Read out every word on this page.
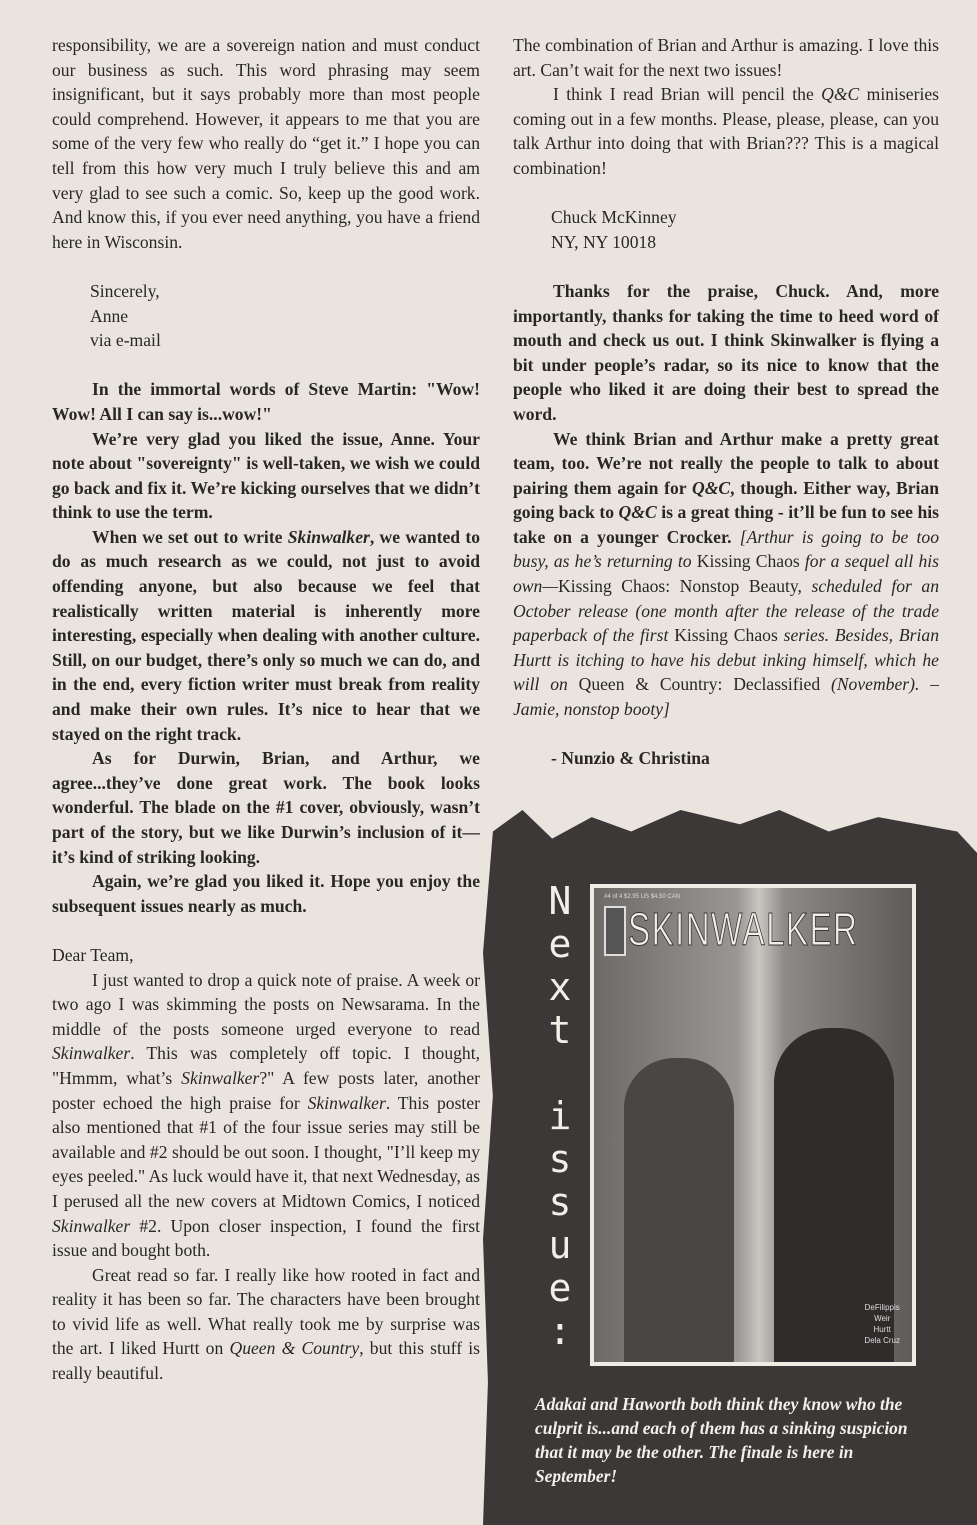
responsibility, we are a sovereign nation and must conduct our business as such. This word phrasing may seem insignificant, but it says probably more than most people could comprehend. However, it appears to me that you are some of the very few who really do “get it.” I hope you can tell from this how very much I truly believe this and am very glad to see such a comic. So, keep up the good work. And know this, if you ever need anything, you have a friend here in Wisconsin.

Sincerely,

Anne

via e-mail

In the immortal words of Steve Martin: "Wow! Wow! All I can say is...wow!"

We’re very glad you liked the issue, Anne. Your note about "sovereignty" is well-taken, we wish we could go back and fix it. We’re kicking ourselves that we didn’t think to use the term.

When we set out to write Skinwalker, we wanted to do as much research as we could, not just to avoid offending anyone, but also because we feel that realistically written material is inherently more interesting, especially when dealing with another culture. Still, on our budget, there’s only so much we can do, and in the end, every fiction writer must break from reality and make their own rules. It’s nice to hear that we stayed on the right track.

As for Durwin, Brian, and Arthur, we agree...they’ve done great work. The book looks wonderful. The blade on the #1 cover, obviously, wasn’t part of the story, but we like Durwin’s inclusion of it—it’s kind of striking looking.

Again, we’re glad you liked it. Hope you enjoy the subsequent issues nearly as much.

Dear Team,

I just wanted to drop a quick note of praise. A week or two ago I was skimming the posts on Newsarama. In the middle of the posts someone urged everyone to read Skinwalker. This was completely off topic. I thought, "Hmmm, what’s Skinwalker?" A few posts later, another poster echoed the high praise for Skinwalker. This poster also mentioned that #1 of the four issue series may still be available and #2 should be out soon. I thought, "I’ll keep my eyes peeled." As luck would have it, that next Wednesday, as I perused all the new covers at Midtown Comics, I noticed Skinwalker #2. Upon closer inspection, I found the first issue and bought both.

Great read so far. I really like how rooted in fact and reality it has been so far. The characters have been brought to vivid life as well. What really took me by surprise was the art. I liked Hurtt on Queen & Country, but this stuff is really beautiful.

The combination of Brian and Arthur is amazing. I love this art. Can’t wait for the next two issues!

I think I read Brian will pencil the Q&C miniseries coming out in a few months. Please, please, please, can you talk Arthur into doing that with Brian??? This is a magical combination!

Chuck McKinney

NY, NY 10018

Thanks for the praise, Chuck. And, more importantly, thanks for taking the time to heed word of mouth and check us out. I think Skinwalker is flying a bit under people’s radar, so its nice to know that the people who liked it are doing their best to spread the word.

We think Brian and Arthur make a pretty great team, too. We’re not really the people to talk to about pairing them again for Q&C, though. Either way, Brian going back to Q&C is a great thing - it’ll be fun to see his take on a younger Crocker. [Arthur is going to be too busy, as he’s returning to Kissing Chaos for a sequel all his own—Kissing Chaos: Nonstop Beauty, scheduled for an October release (one month after the release of the trade paperback of the first Kissing Chaos series. Besides, Brian Hurtt is itching to have his debut inking himself, which he will on Queen & Country: Declassified (November). – Jamie, nonstop booty]

- Nunzio & Christina

N
e
x
t

i
s
s
u
e
:
#4 of 4 $2.95 US $4.50 CAN
SKINWALKER
DeFilippis
Weir
Hurtt
Dela Cruz
Adakai and Haworth both think they know who the culprit is...and each of them has a sinking suspicion that it may be the other. The finale is here in September!
